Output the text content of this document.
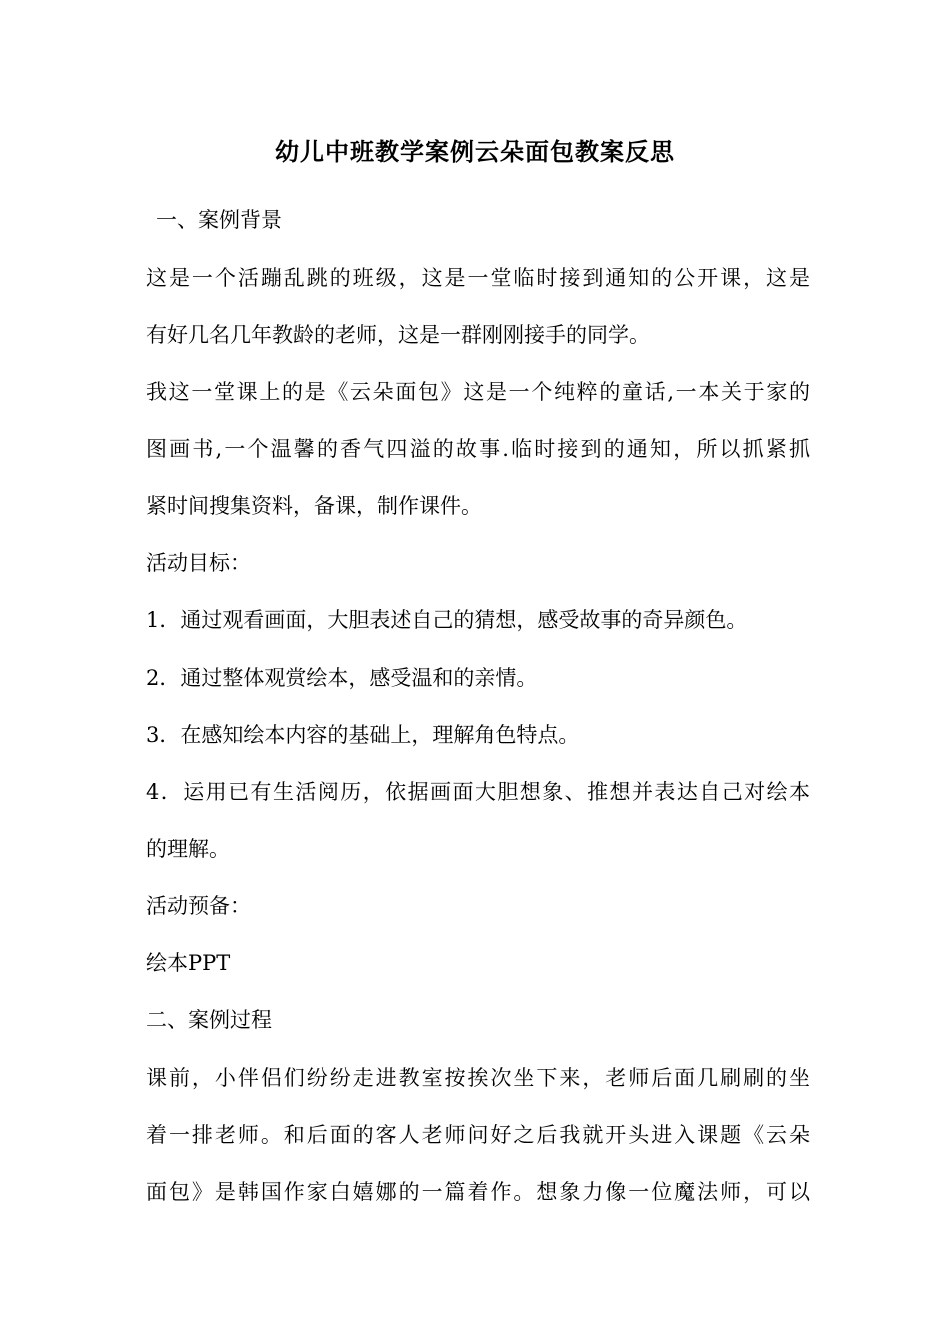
幼儿中班教学案例云朵面包教案反思
一、案例背景
这是一个活蹦乱跳的班级，这是一堂临时接到通知的公开课，这是
有好几名几年教龄的老师，这是一群刚刚接手的同学。
我这一堂课上的是《云朵面包》这是一个纯粹的童话,一本关于家的
图画书,一个温馨的香气四溢的故事.临时接到的通知，所以抓紧抓
紧时间搜集资料，备课，制作课件。
活动目标：
1．通过观看画面，大胆表述自己的猜想，感受故事的奇异颜色。
2．通过整体观赏绘本，感受温和的亲情。
3．在感知绘本内容的基础上，理解角色特点。
4．运用已有生活阅历，依据画面大胆想象、推想并表达自己对绘本
的理解。
活动预备：
绘本PPT
二、案例过程
课前，小伴侣们纷纷走进教室按挨次坐下来，老师后面几刷刷的坐
着一排老师。和后面的客人老师问好之后我就开头进入课题《云朵
面包》是韩国作家白嬉娜的一篇着作。想象力像一位魔法师，可以
